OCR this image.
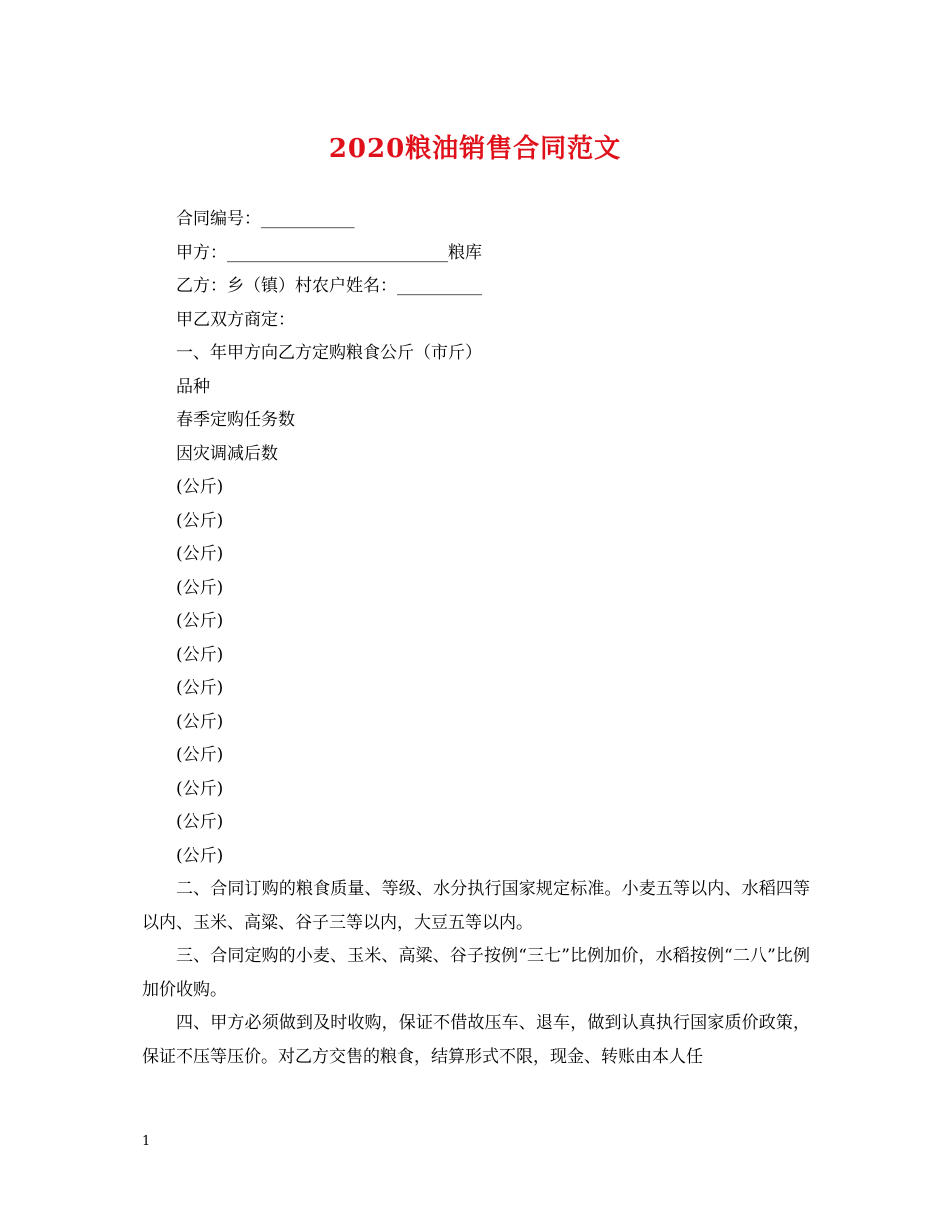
2020粮油销售合同范文
合同编号：___________
甲方：__________________________粮库
乙方：乡（镇）村农户姓名：__________
甲乙双方商定：
一、年甲方向乙方定购粮食公斤（市斤）
品种
春季定购任务数
因灾调减后数
(公斤)
(公斤)
(公斤)
(公斤)
(公斤)
(公斤)
(公斤)
(公斤)
(公斤)
(公斤)
(公斤)
(公斤)

二、合同订购的粮食质量、等级、水分执行国家规定标准。小麦五等以内、水稻四等以内、玉米、高粱、谷子三等以内，大豆五等以内。

三、合同定购的小麦、玉米、高粱、谷子按例“三七”比例加价，水稻按例“二八”比例加价收购。

四、甲方必须做到及时收购，保证不借故压车、退车，做到认真执行国家质价政策，保证不压等压价。对乙方交售的粮食，结算形式不限，现金、转账由本人任

1
